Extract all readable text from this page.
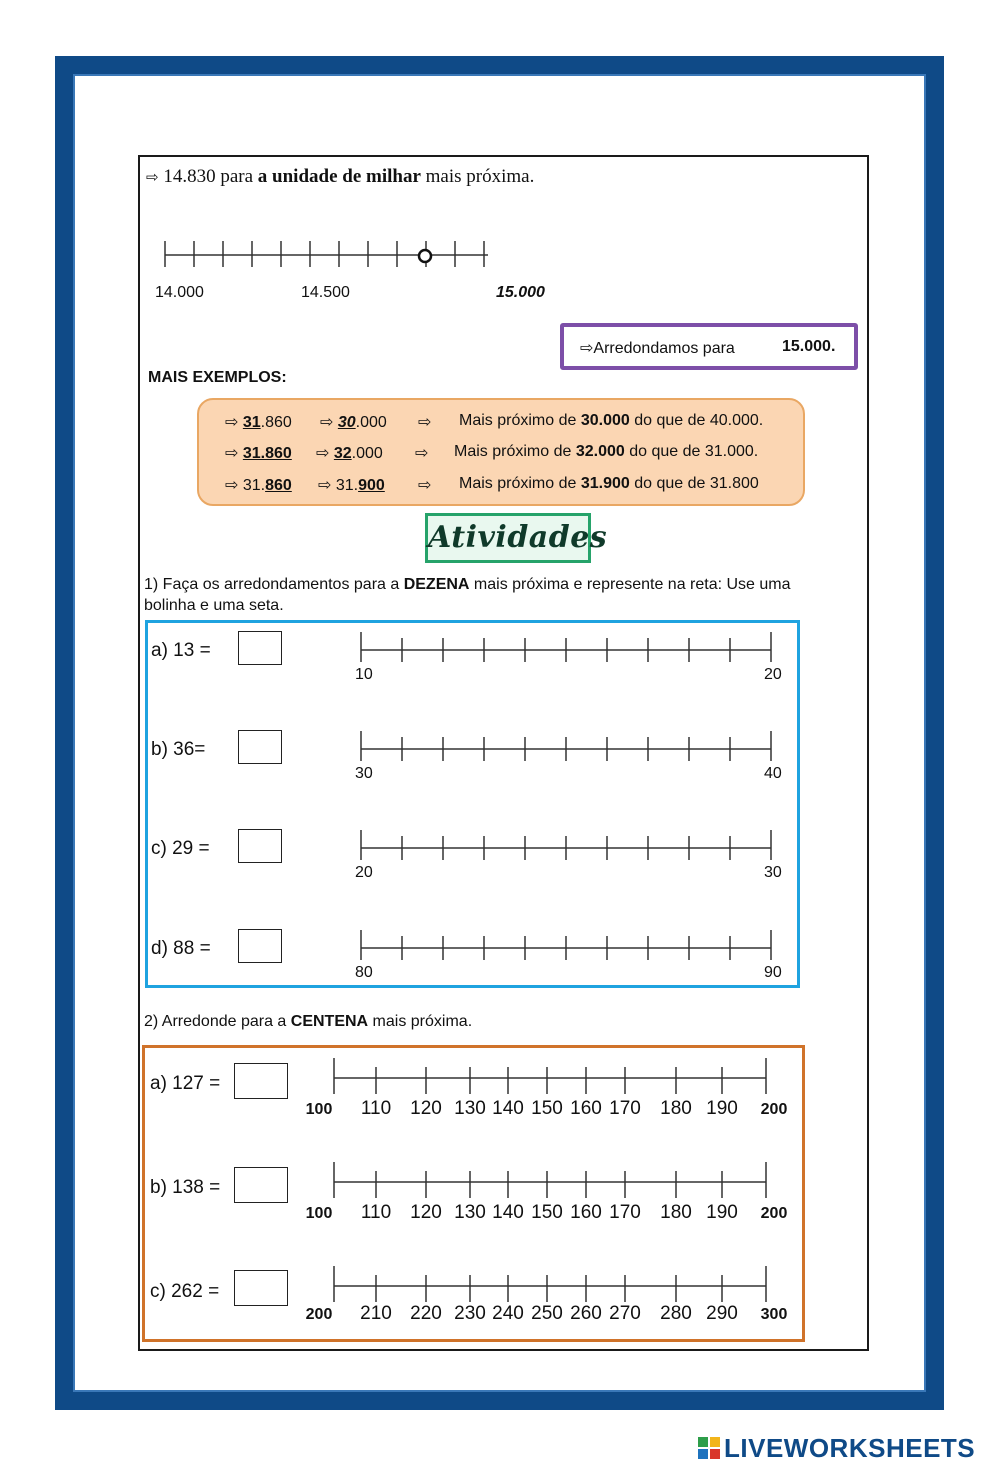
⇨ 14.830 para a unidade de milhar mais próxima.
14.000	14.500	15.000
⇨Arredondamos para	15.000.
MAIS EXEMPLOS:
⇨ 31.860 ⇨ 30.000 ⇨ Mais próximo de 30.000 do que de 40.000.
⇨ 31.860 ⇨ 32.000 ⇨ Mais próximo de 32.000 do que de 31.000.
⇨ 31.860 ⇨ 31.900 ⇨ Mais próximo de 31.900 do que de 31.800
Atividades
1) Faça os arredondamentos para a DEZENA mais próxima e represente na reta: Use uma bolinha e uma seta.
a) 13 =
10	20
b) 36=
30	40
c) 29 =
20	30
d) 88 =
80	90
2) Arredonde para a CENTENA mais próxima.
a) 127 =
b) 138 =
c) 262 =
LIVEWORKSHEETS
100 110 120 130 140 150 160 170 180 190 200
100 110 120 130 140 150 160 170 180 190 200
200 210 220 230 240 250 260 270 280 290 300
